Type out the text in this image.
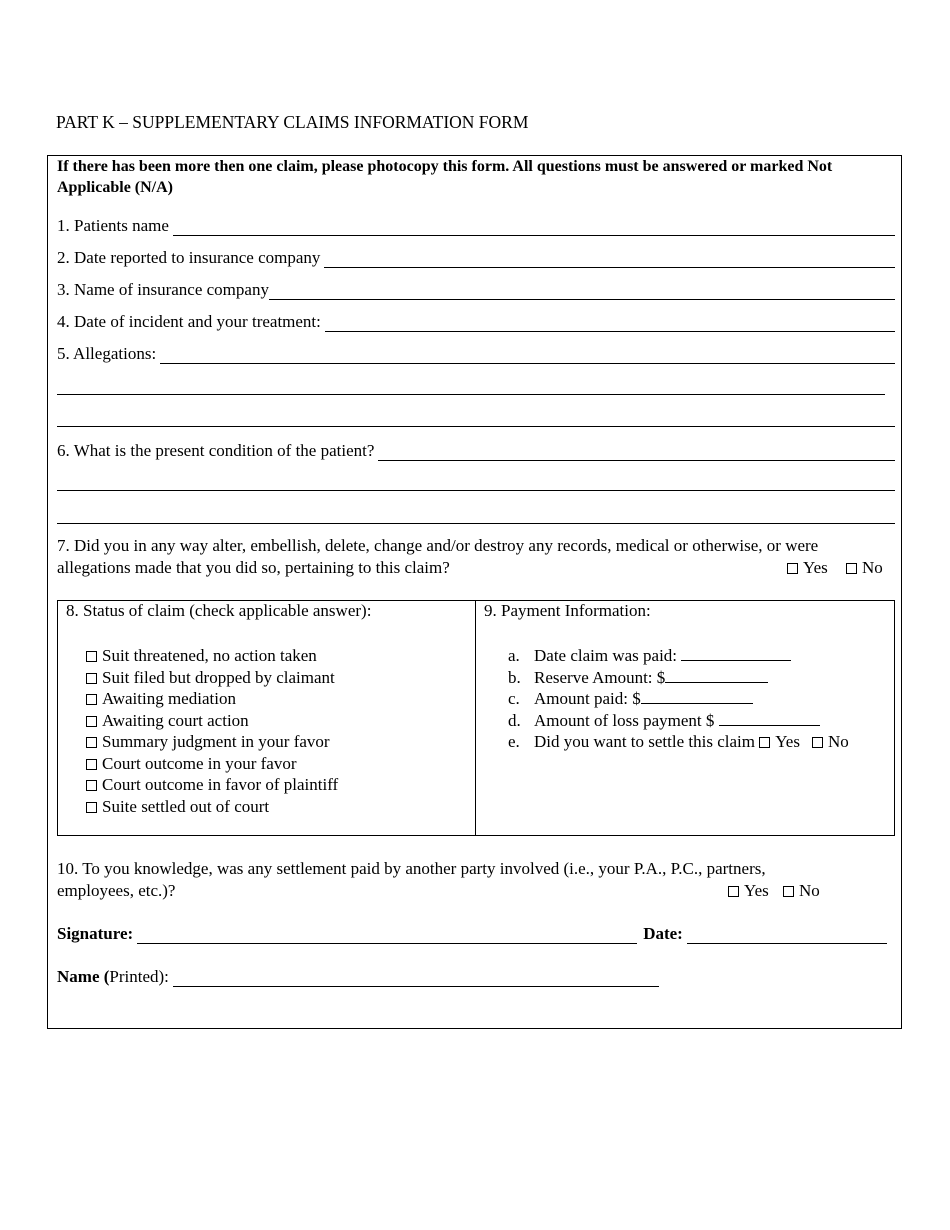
PART K – SUPPLEMENTARY CLAIMS INFORMATION FORM
If there has been more then one claim, please photocopy this form. All questions must be answered or marked Not Applicable (N/A)
1. Patients name
2. Date reported to insurance company
3. Name of insurance company
4. Date of incident and your treatment:
5. Allegations:
6. What is the present condition of the patient?
7. Did you in any way alter, embellish, delete, change and/or destroy any records, medical or otherwise, or were
allegations made that you did so, pertaining to this claim?	Yes No
8. Status of claim (check applicable answer):
Suit threatened, no action taken
Suit filed but dropped by claimant
Awaiting mediation
Awaiting court action
Summary judgment in your favor
Court outcome in your favor
Court outcome in favor of plaintiff
Suite settled out of court
9. Payment Information:
a. Date claim was paid:
b. Reserve Amount: $
c. Amount paid: $
d. Amount of loss payment $
e. Did you want to settle this claim Yes No
10. To you knowledge, was any settlement paid by another party involved (i.e., your P.A., P.C., partners,
employees, etc.)?	Yes No
Signature:	Date:
Name ( Printed):
